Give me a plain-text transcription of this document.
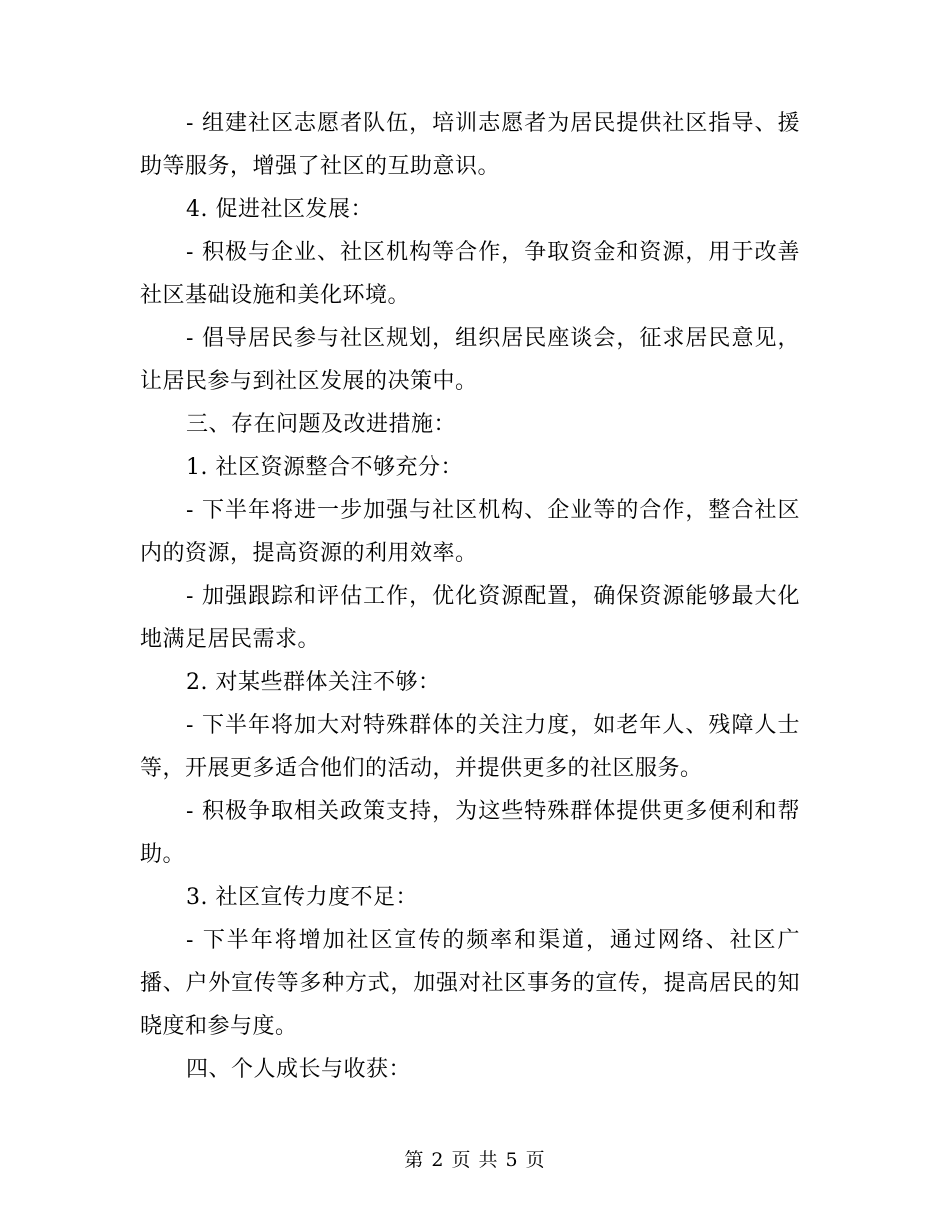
- 组建社区志愿者队伍，培训志愿者为居民提供社区指导、援助等服务，增强了社区的互助意识。

4. 促进社区发展：

- 积极与企业、社区机构等合作，争取资金和资源，用于改善社区基础设施和美化环境。

- 倡导居民参与社区规划，组织居民座谈会，征求居民意见，让居民参与到社区发展的决策中。

三、存在问题及改进措施：

1. 社区资源整合不够充分：

- 下半年将进一步加强与社区机构、企业等的合作，整合社区内的资源，提高资源的利用效率。

- 加强跟踪和评估工作，优化资源配置，确保资源能够最大化地满足居民需求。

2. 对某些群体关注不够：

- 下半年将加大对特殊群体的关注力度，如老年人、残障人士等，开展更多适合他们的活动，并提供更多的社区服务。

- 积极争取相关政策支持，为这些特殊群体提供更多便利和帮助。

3. 社区宣传力度不足：

- 下半年将增加社区宣传的频率和渠道，通过网络、社区广播、户外宣传等多种方式，加强对社区事务的宣传，提高居民的知晓度和参与度。

四、个人成长与收获：

第 2 页 共 5 页
